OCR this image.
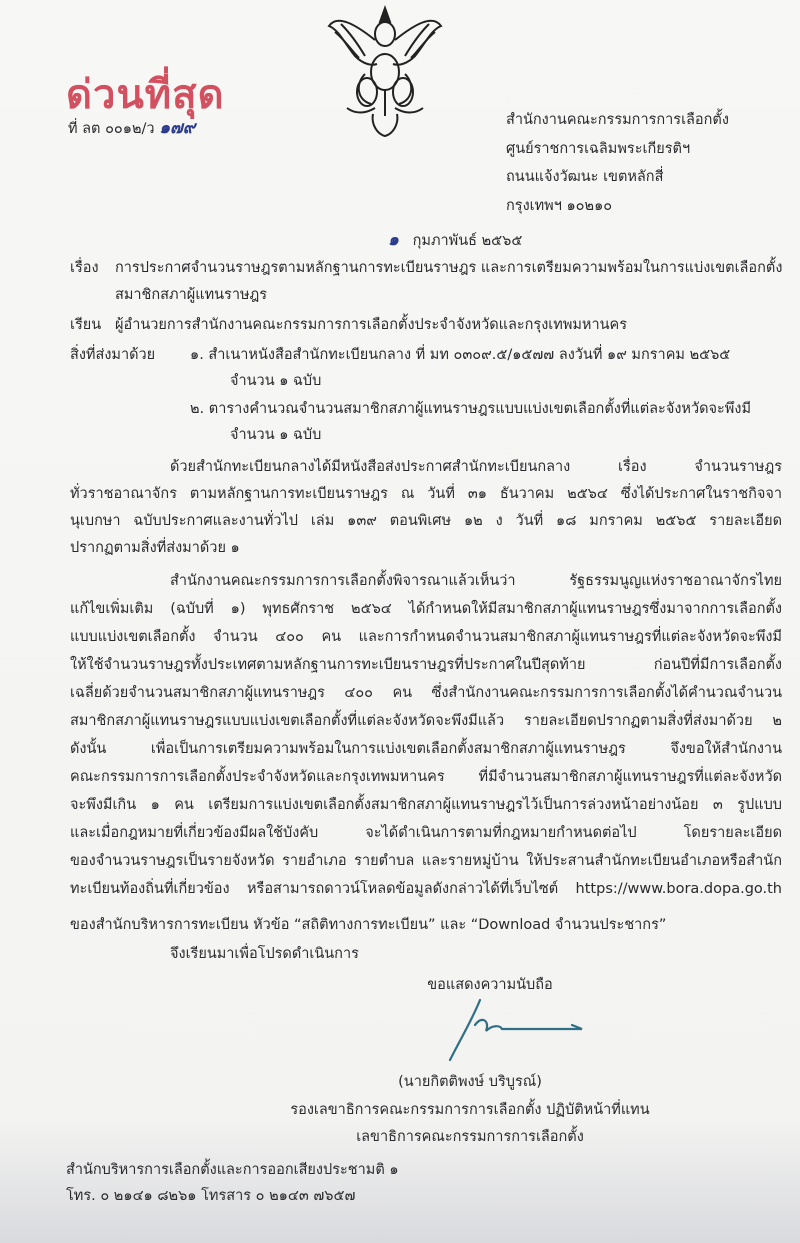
ด่วนที่สุด
ที่ ลต ๐๐๑๒/ว ๑๗๙	สำนักงานคณะกรรมการการเลือกตั้ง
ศูนย์ราชการเฉลิมพระเกียรติฯ
ถนนแจ้งวัฒนะ เขตหลักสี่
กรุงเทพฯ ๑๐๒๑๐
๑ กุมภาพันธ์ ๒๕๖๕
เรื่อง การประกาศจำนวนราษฎรตามหลักฐานการทะเบียนราษฎร และการเตรียมความพร้อมในการแบ่งเขตเลือกตั้ง
สมาชิกสภาผู้แทนราษฎร
เรียน ผู้อำนวยการสำนักงานคณะกรรมการการเลือกตั้งประจำจังหวัดและกรุงเทพมหานคร
สิ่งที่ส่งมาด้วย ๑. สำเนาหนังสือสำนักทะเบียนกลาง ที่ มท ๐๓๐๙.๕/๑๕๗๗ ลงวันที่ ๑๙ มกราคม ๒๕๖๕
จำนวน ๑ ฉบับ
๒. ตารางคำนวณจำนวนสมาชิกสภาผู้แทนราษฎรแบบแบ่งเขตเลือกตั้งที่แต่ละจังหวัดจะพึงมี
จำนวน ๑ ฉบับ
ด้วยสำนักทะเบียนกลางได้มีหนังสือส่งประกาศสำนักทะเบียนกลาง เรื่อง จำนวนราษฎร
ทั่วราชอาณาจักร ตามหลักฐานการทะเบียนราษฎร ณ วันที่ ๓๑ ธันวาคม ๒๕๖๔ ซึ่งได้ประกาศในราชกิจจา
นุเบกษา ฉบับประกาศและงานทั่วไป เล่ม ๑๓๙ ตอนพิเศษ ๑๒ ง วันที่ ๑๘ มกราคม ๒๕๖๕ รายละเอียด
ปรากฏตามสิ่งที่ส่งมาด้วย ๑
สำนักงานคณะกรรมการการเลือกตั้งพิจารณาแล้วเห็นว่า รัฐธรรมนูญแห่งราชอาณาจักรไทย
แก้ไขเพิ่มเติม (ฉบับที่ ๑) พุทธศักราช ๒๕๖๔ ได้กำหนดให้มีสมาชิกสภาผู้แทนราษฎรซึ่งมาจากการเลือกตั้ง
แบบแบ่งเขตเลือกตั้ง จำนวน ๔๐๐ คน และการกำหนดจำนวนสมาชิกสภาผู้แทนราษฎรที่แต่ละจังหวัดจะพึงมี
ให้ใช้จำนวนราษฎรทั้งประเทศตามหลักฐานการทะเบียนราษฎรที่ประกาศในปีสุดท้าย ก่อนปีที่มีการเลือกตั้ง
เฉลี่ยด้วยจำนวนสมาชิกสภาผู้แทนราษฎร ๔๐๐ คน ซึ่งสำนักงานคณะกรรมการการเลือกตั้งได้คำนวณจำนวน
สมาชิกสภาผู้แทนราษฎรแบบแบ่งเขตเลือกตั้งที่แต่ละจังหวัดจะพึงมีแล้ว รายละเอียดปรากฏตามสิ่งที่ส่งมาด้วย ๒
ดังนั้น เพื่อเป็นการเตรียมความพร้อมในการแบ่งเขตเลือกตั้งสมาชิกสภาผู้แทนราษฎร จึงขอให้สำนักงาน
คณะกรรมการการเลือกตั้งประจำจังหวัดและกรุงเทพมหานคร ที่มีจำนวนสมาชิกสภาผู้แทนราษฎรที่แต่ละจังหวัด
จะพึงมีเกิน ๑ คน เตรียมการแบ่งเขตเลือกตั้งสมาชิกสภาผู้แทนราษฎรไว้เป็นการล่วงหน้าอย่างน้อย ๓ รูปแบบ
และเมื่อกฎหมายที่เกี่ยวข้องมีผลใช้บังคับ จะได้ดำเนินการตามที่กฎหมายกำหนดต่อไป โดยรายละเอียด
ของจำนวนราษฎรเป็นรายจังหวัด รายอำเภอ รายตำบล และรายหมู่บ้าน ให้ประสานสำนักทะเบียนอำเภอหรือสำนัก
ทะเบียนท้องถิ่นที่เกี่ยวข้อง หรือสามารถดาวน์โหลดข้อมูลดังกล่าวได้ที่เว็บไซต์ https://www.bora.dopa.go.th
ของสำนักบริหารการทะเบียน หัวข้อ “สถิติทางการทะเบียน” และ “Download จำนวนประชากร”
จึงเรียนมาเพื่อโปรดดำเนินการ
ขอแสดงความนับถือ
(นายกิตติพงษ์ บริบูรณ์)
รองเลขาธิการคณะกรรมการการเลือกตั้ง ปฏิบัติหน้าที่แทน
เลขาธิการคณะกรรมการการเลือกตั้ง
สำนักบริหารการเลือกตั้งและการออกเสียงประชามติ ๑
โทร. ๐ ๒๑๔๑ ๘๒๖๑ โทรสาร ๐ ๒๑๔๓ ๗๖๕๗
